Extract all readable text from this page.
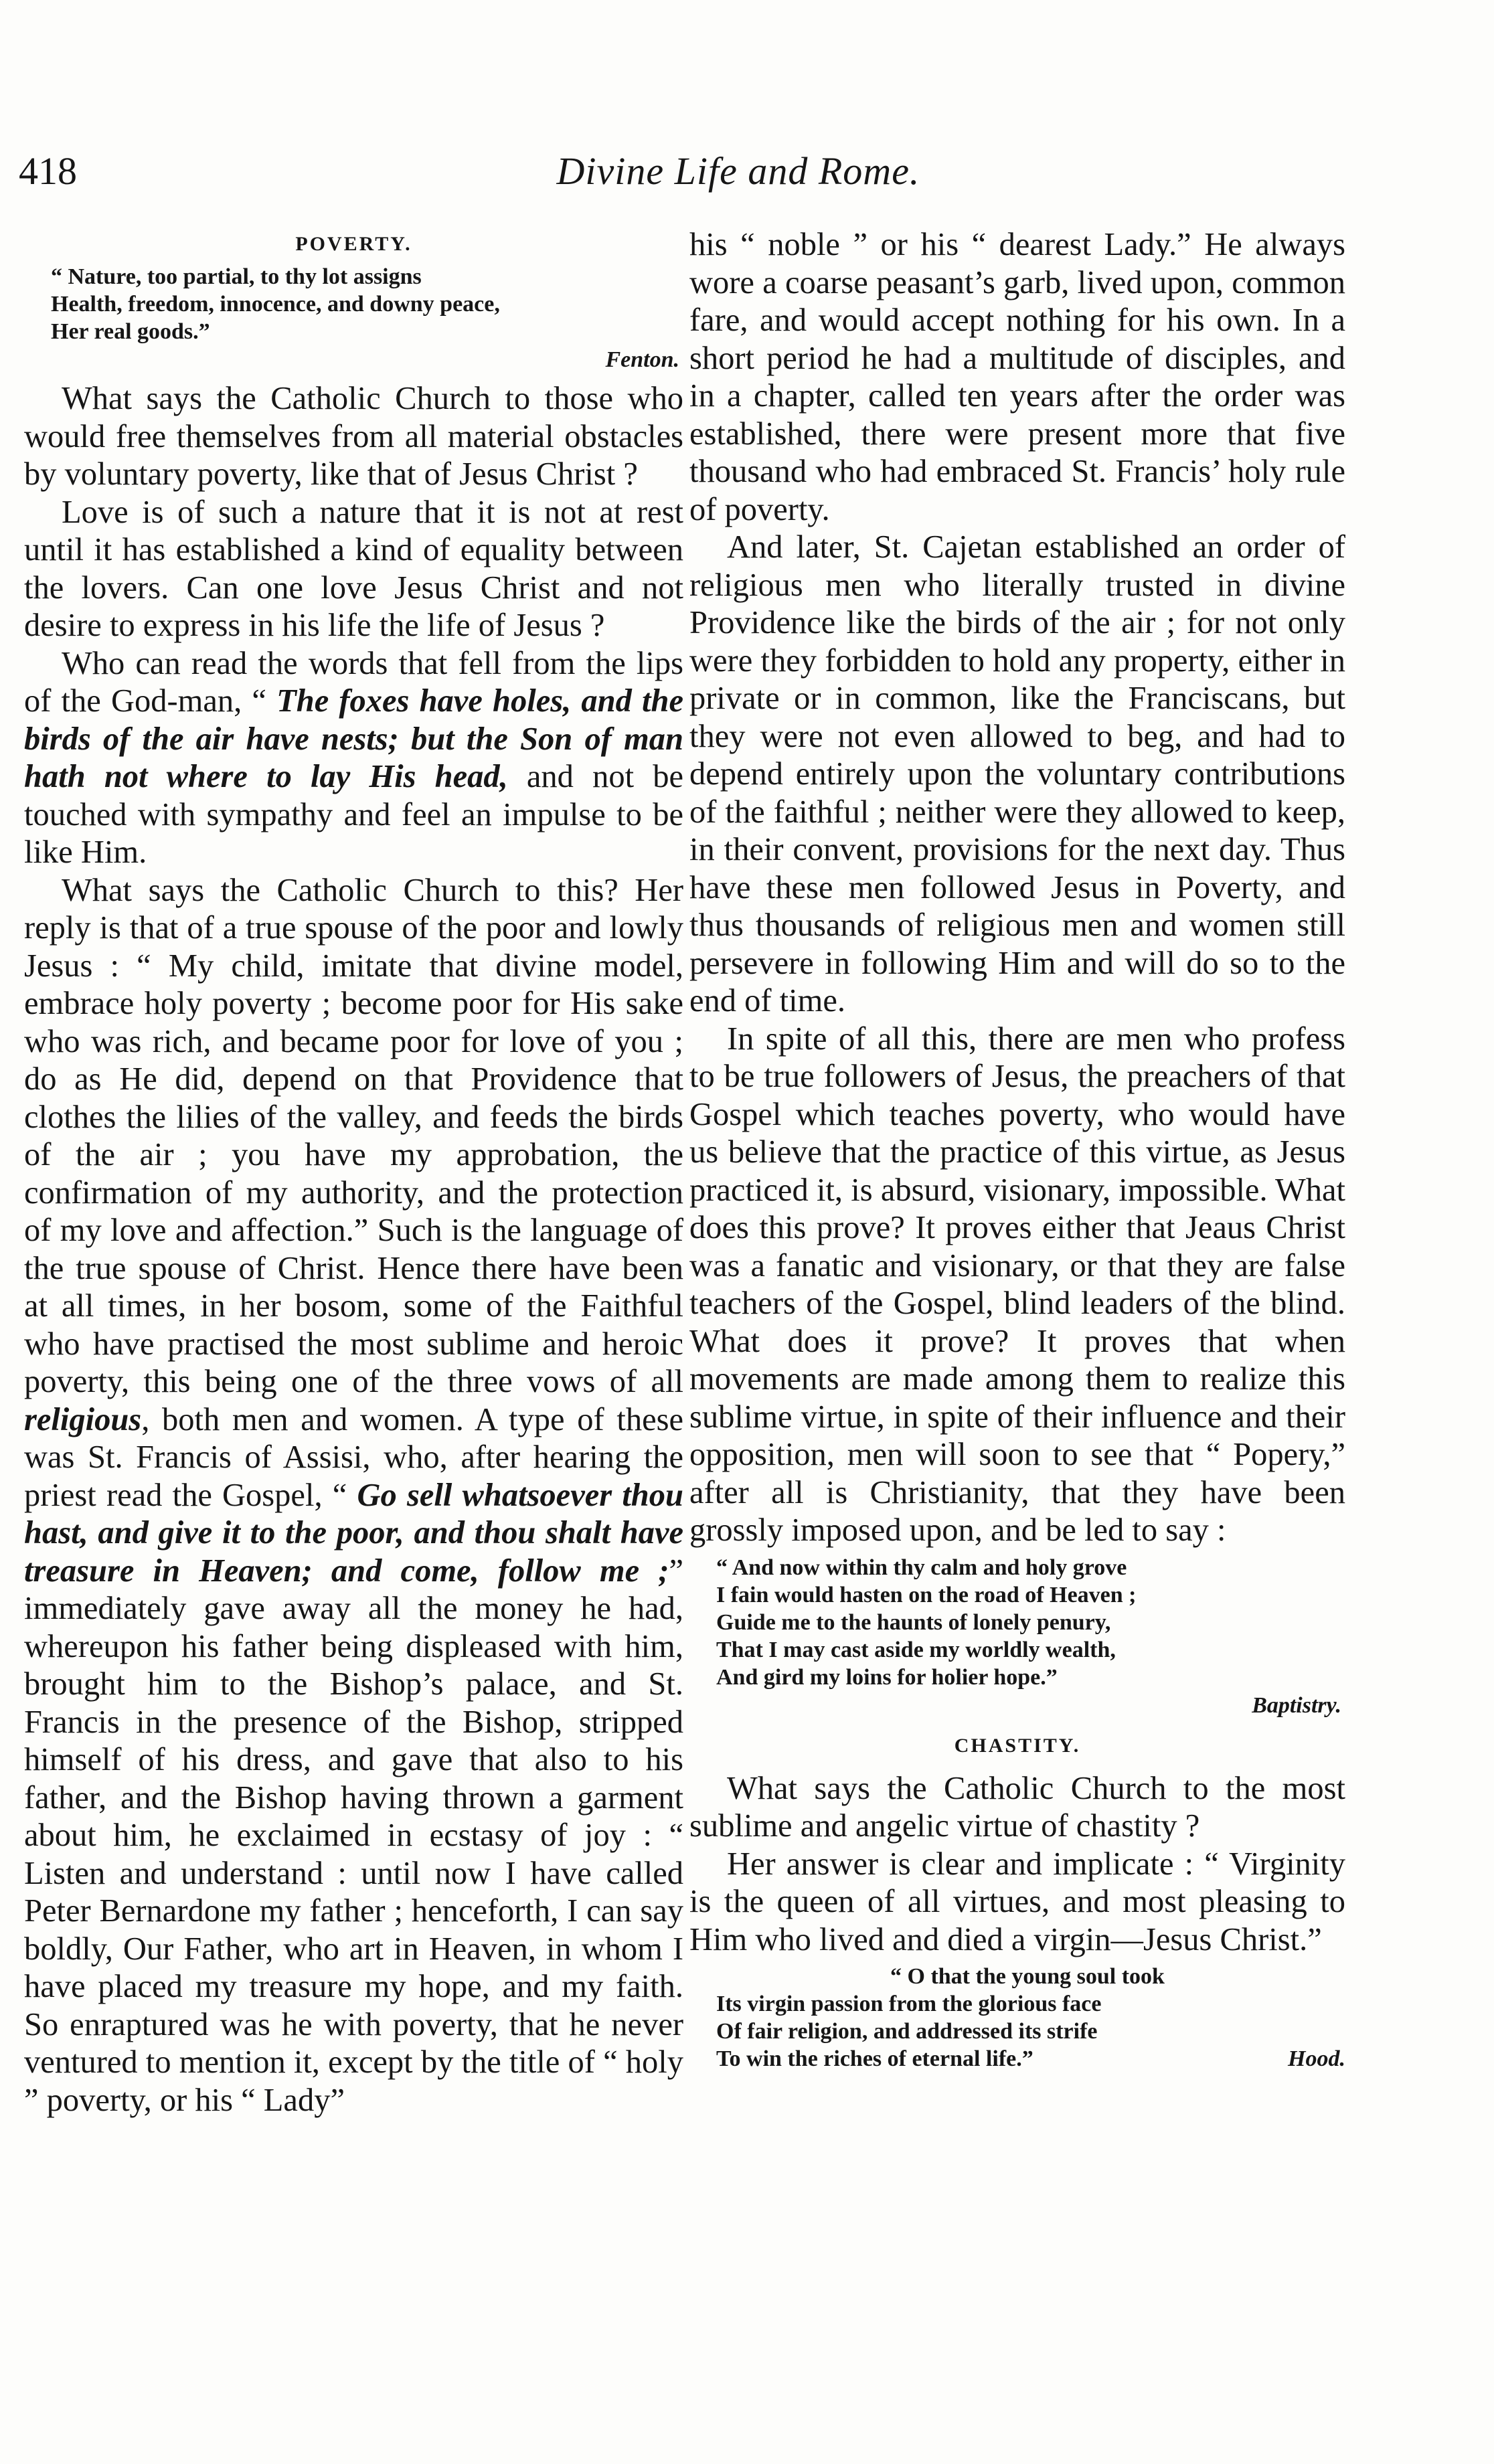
418	Divine Life and Rome.
POVERTY.
“ Nature, too partial, to thy lot assigns
Health, freedom, innocence, and downy peace,
Her real goods.”
Fenton.

What says the Catholic Church to those who would free themselves from all material obstacles by voluntary poverty, like that of Jesus Christ ?

Love is of such a nature that it is not at rest until it has established a kind of equality between the lovers. Can one love Jesus Christ and not desire to express in his life the life of Jesus ?

Who can read the words that fell from the lips of the God-man, “ The foxes have holes, and the birds of the air have nests; but the Son of man hath not where to lay His head, and not be touched with sympathy and feel an impulse to be like Him.

What says the Catholic Church to this? Her reply is that of a true spouse of the poor and lowly Jesus : “ My child, imitate that divine model, embrace holy poverty ; become poor for His sake who was rich, and became poor for love of you ; do as He did, depend on that Providence that clothes the lilies of the valley, and feeds the birds of the air ; you have my approbation, the confirmation of my authority, and the protection of my love and affection.” Such is the language of the true spouse of Christ. Hence there have been at all times, in her bosom, some of the Faithful who have practised the most sublime and heroic poverty, this being one of the three vows of all religious, both men and women. A type of these was St. Francis of Assisi, who, after hearing the priest read the Gospel, “ Go sell whatsoever thou hast, and give it to the poor, and thou shalt have treasure in Heaven; and come, follow me ;” immediately gave away all the money he had, whereupon his father being displeased with him, brought him to the Bishop’s palace, and St. Francis in the presence of the Bishop, stripped himself of his dress, and gave that also to his father, and the Bishop having thrown a garment about him, he exclaimed in ecstasy of joy : “ Listen and understand : until now I have called Peter Bernardone my father ; henceforth, I can say boldly, Our Father, who art in Heaven, in whom I have placed my treasure my hope, and my faith. So enraptured was he with poverty, that he never ventured to mention it, except by the title of “ holy ” poverty, or his “ Lady”

his “ noble ” or his “ dearest Lady.” He always wore a coarse peasant’s garb, lived upon, common fare, and would accept nothing for his own. In a short period he had a multitude of disciples, and in a chapter, called ten years after the order was established, there were present more that five thousand who had embraced St. Francis’ holy rule of poverty.

And later, St. Cajetan established an order of religious men who literally trusted in divine Providence like the birds of the air ; for not only were they forbidden to hold any property, either in private or in common, like the Franciscans, but they were not even allowed to beg, and had to depend entirely upon the voluntary contributions of the faithful ; neither were they allowed to keep, in their convent, provisions for the next day. Thus have these men followed Jesus in Poverty, and thus thousands of religious men and women still persevere in following Him and will do so to the end of time.

In spite of all this, there are men who profess to be true followers of Jesus, the preachers of that Gospel which teaches poverty, who would have us believe that the practice of this virtue, as Jesus practiced it, is absurd, visionary, impossible. What does this prove? It proves either that Jeaus Christ was a fanatic and visionary, or that they are false teachers of the Gospel, blind leaders of the blind. What does it prove? It proves that when movements are made among them to realize this sublime virtue, in spite of their influence and their opposition, men will soon to see that “ Popery,” after all is Christianity, that they have been grossly imposed upon, and be led to say :

“ And now within thy calm and holy grove
I fain would hasten on the road of Heaven ;
Guide me to the haunts of lonely penury,
That I may cast aside my worldly wealth,
And gird my loins for holier hope.”
Baptistry.
CHASTITY.

What says the Catholic Church to the most sublime and angelic virtue of chastity ?

Her answer is clear and implicate : “ Virginity is the queen of all virtues, and most pleasing to Him who lived and died a virgin—Jesus Christ.”

“ O that the young soul took
Its virgin passion from the glorious face
Of fair religion, and addressed its strife
To win the riches of eternal life.”	Hood.
